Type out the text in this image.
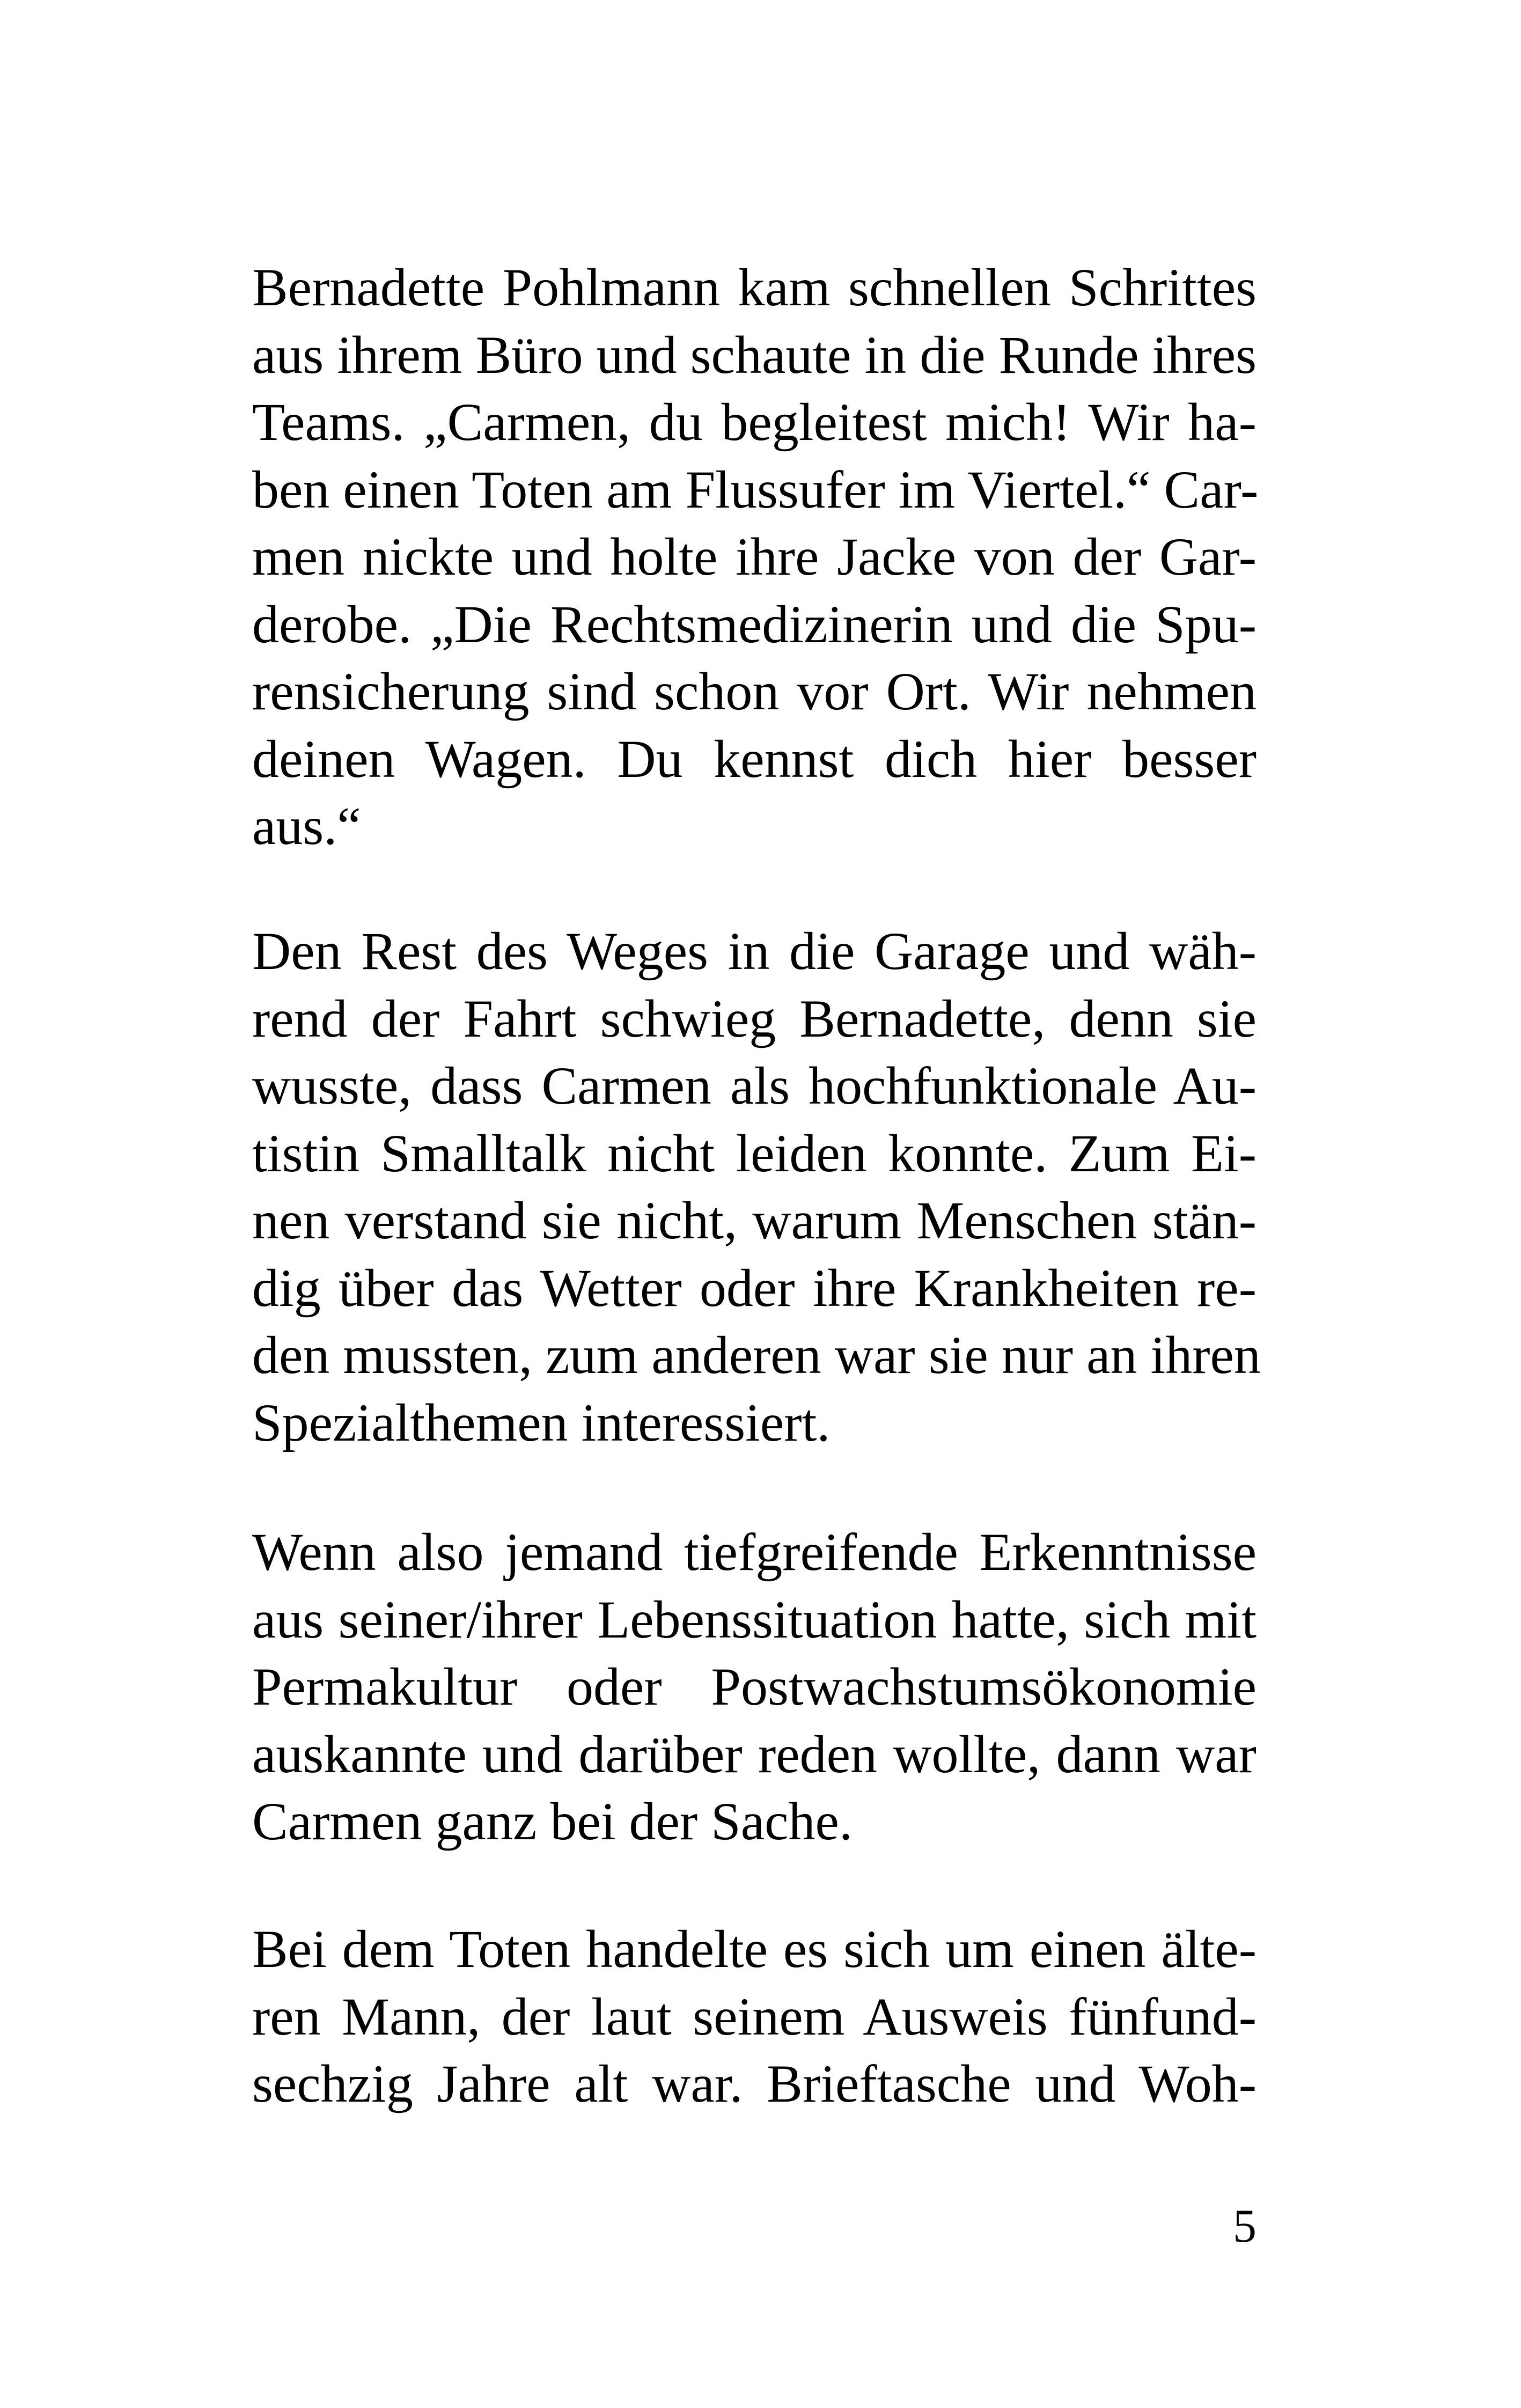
Bernadette Pohlmann kam schnellen Schrittes
aus ihrem Büro und schaute in die Runde ihres
Teams. „Carmen, du begleitest mich! Wir ha-
ben einen Toten am Flussufer im Viertel.“ Car-
men nickte und holte ihre Jacke von der Gar-
derobe. „Die Rechtsmedizinerin und die Spu-
rensicherung sind schon vor Ort. Wir nehmen
deinen Wagen. Du kennst dich hier besser
aus.“
Den Rest des Weges in die Garage und wäh-
rend der Fahrt schwieg Bernadette, denn sie
wusste, dass Carmen als hochfunktionale Au-
tistin Smalltalk nicht leiden konnte. Zum Ei-
nen verstand sie nicht, warum Menschen stän-
dig über das Wetter oder ihre Krankheiten re-
den mussten, zum anderen war sie nur an ihren
Spezialthemen interessiert.
Wenn also jemand tiefgreifende Erkenntnisse
aus seiner/ihrer Lebenssituation hatte, sich mit
Permakultur oder Postwachstumsökonomie
auskannte und darüber reden wollte, dann war
Carmen ganz bei der Sache.
Bei dem Toten handelte es sich um einen älte-
ren Mann, der laut seinem Ausweis fünfund-
sechzig Jahre alt war. Brieftasche und Woh-
5
